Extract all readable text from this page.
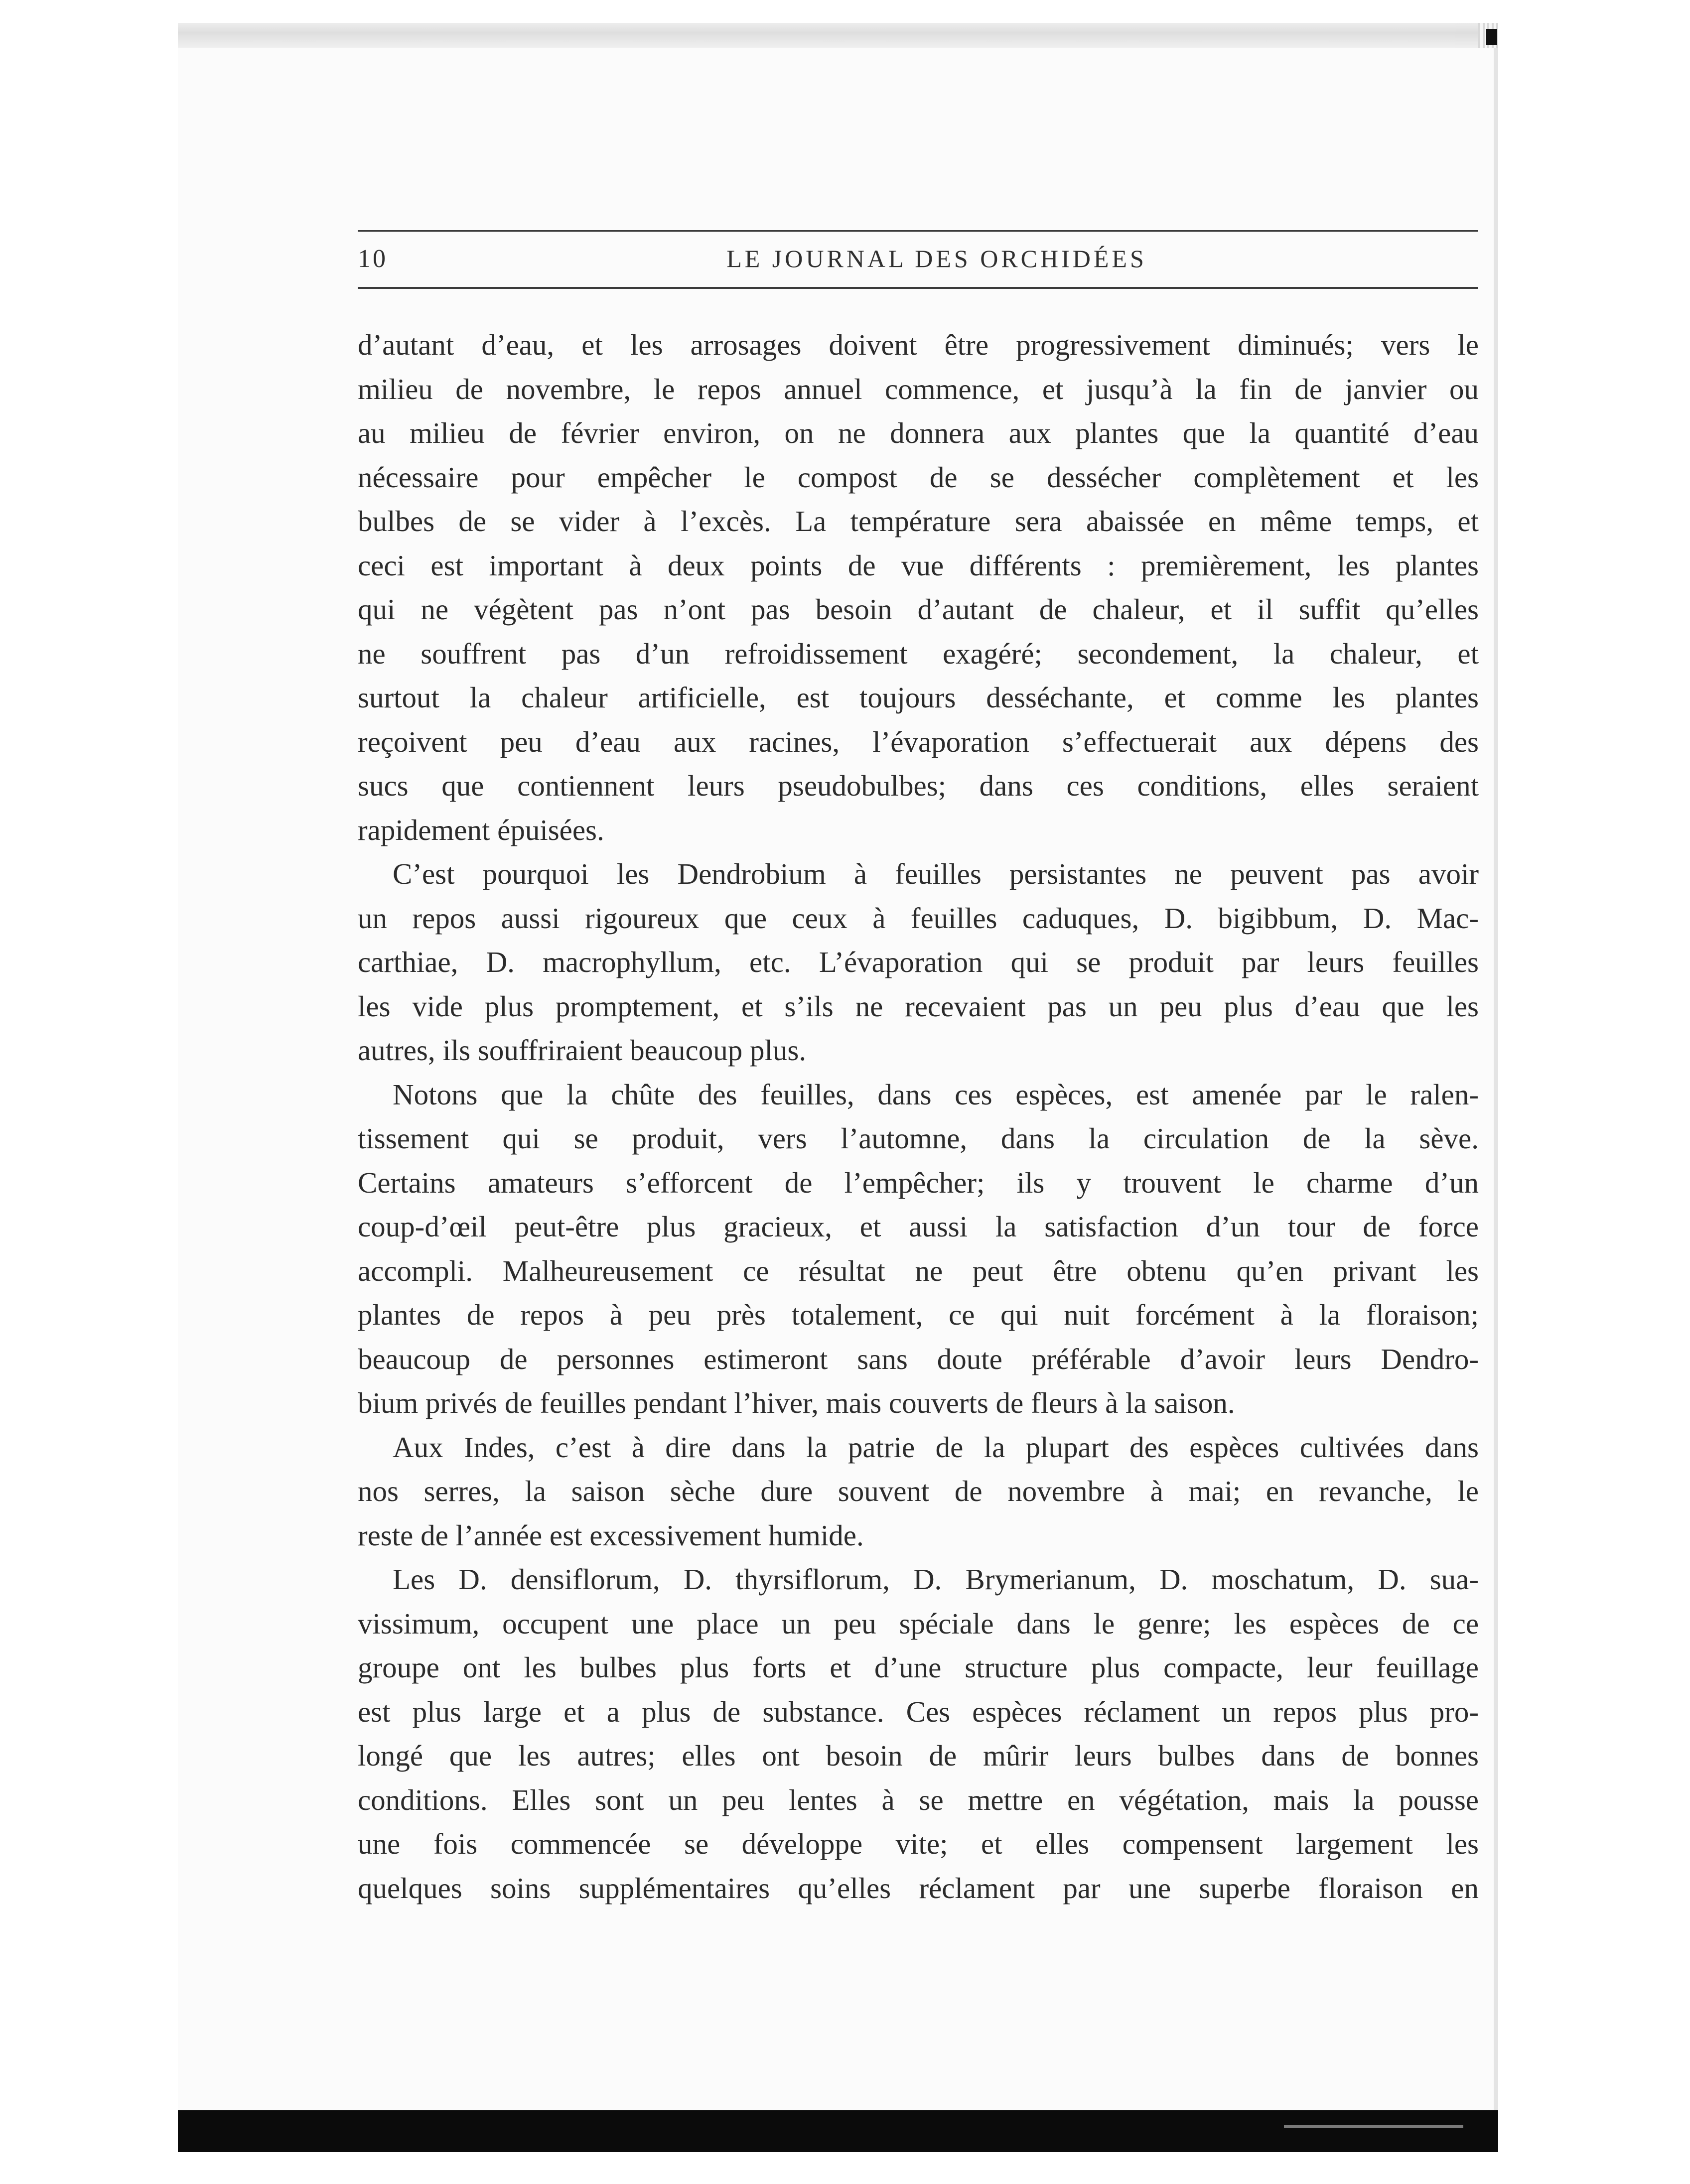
10	LE JOURNAL DES ORCHIDÉES
d’autant d’eau, et les arrosages doivent être progressivement diminués; vers le
milieu de novembre, le repos annuel commence, et jusqu’à la fin de janvier ou
au milieu de février environ, on ne donnera aux plantes que la quantité d’eau
nécessaire pour empêcher le compost de se dessécher complètement et les
bulbes de se vider à l’excès. La température sera abaissée en même temps, et
ceci est important à deux points de vue différents : premièrement, les plantes
qui ne végètent pas n’ont pas besoin d’autant de chaleur, et il suffit qu’elles
ne souffrent pas d’un refroidissement exagéré; secondement, la chaleur, et
surtout la chaleur artificielle, est toujours desséchante, et comme les plantes
reçoivent peu d’eau aux racines, l’évaporation s’effectuerait aux dépens des
sucs que contiennent leurs pseudobulbes; dans ces conditions, elles seraient
rapidement épuisées.
C’est pourquoi les Dendrobium à feuilles persistantes ne peuvent pas avoir
un repos aussi rigoureux que ceux à feuilles caduques, D. bigibbum, D. Mac-
carthiae, D. macrophyllum, etc. L’évaporation qui se produit par leurs feuilles
les vide plus promptement, et s’ils ne recevaient pas un peu plus d’eau que les
autres, ils souffriraient beaucoup plus.
Notons que la chûte des feuilles, dans ces espèces, est amenée par le ralen-
tissement qui se produit, vers l’automne, dans la circulation de la sève.
Certains amateurs s’efforcent de l’empêcher; ils y trouvent le charme d’un
coup-d’œil peut-être plus gracieux, et aussi la satisfaction d’un tour de force
accompli. Malheureusement ce résultat ne peut être obtenu qu’en privant les
plantes de repos à peu près totalement, ce qui nuit forcément à la floraison;
beaucoup de personnes estimeront sans doute préférable d’avoir leurs Dendro-
bium privés de feuilles pendant l’hiver, mais couverts de fleurs à la saison.
Aux Indes, c’est à dire dans la patrie de la plupart des espèces cultivées dans
nos serres, la saison sèche dure souvent de novembre à mai; en revanche, le
reste de l’année est excessivement humide.
Les D. densiflorum, D. thyrsiflorum, D. Brymerianum, D. moschatum, D. sua-
vissimum, occupent une place un peu spéciale dans le genre; les espèces de ce
groupe ont les bulbes plus forts et d’une structure plus compacte, leur feuillage
est plus large et a plus de substance. Ces espèces réclament un repos plus pro-
longé que les autres; elles ont besoin de mûrir leurs bulbes dans de bonnes
conditions. Elles sont un peu lentes à se mettre en végétation, mais la pousse
une fois commencée se développe vite; et elles compensent largement les
quelques soins supplémentaires qu’elles réclament par une superbe floraison en
